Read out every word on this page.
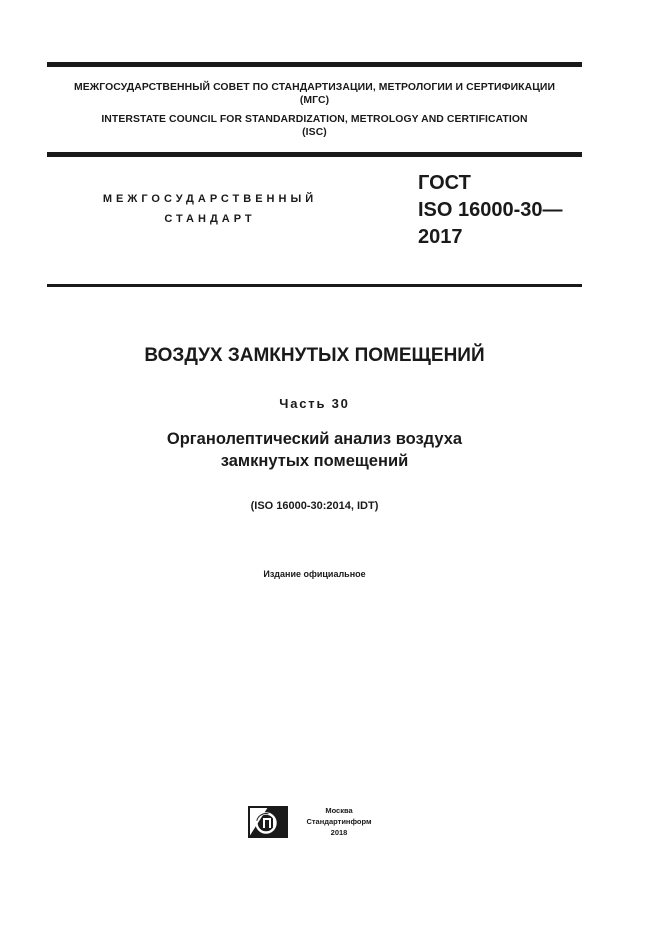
МЕЖГОСУДАРСТВЕННЫЙ СОВЕТ ПО СТАНДАРТИЗАЦИИ, МЕТРОЛОГИИ И СЕРТИФИКАЦИИ
(МГС)
INTERSTATE COUNCIL FOR STANDARDIZATION, METROLOGY AND CERTIFICATION
(ISC)
МЕЖГОСУДАРСТВЕННЫЙ
СТАНДАРТ
ГОСТ
ISO 16000-30—
2017
ВОЗДУХ ЗАМКНУТЫХ ПОМЕЩЕНИЙ
Часть 30
Органолептический анализ воздуха
замкнутых помещений
(ISO 16000-30:2014, IDT)
Издание официальное
Москва
Стандартинформ
2018
